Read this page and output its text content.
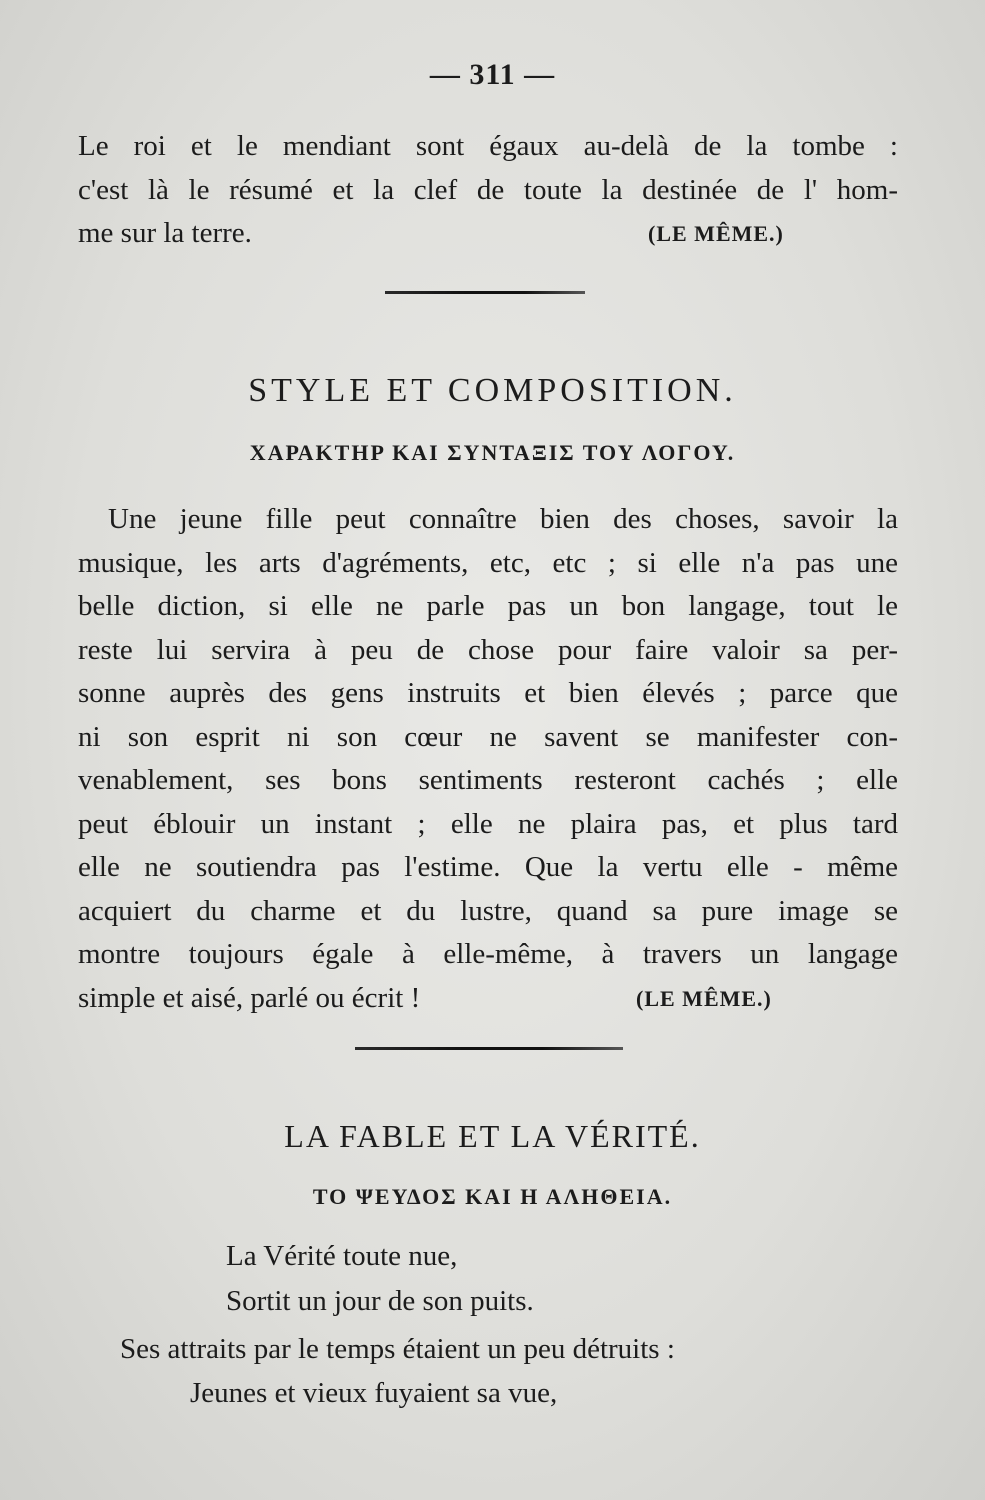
— 311 —
Le roi et le mendiant sont égaux au-delà de la tombe :
c'est là le résumé et la clef de toute la destinée de l' hom-
me sur la terre.	(LE MÊME.)
STYLE ET COMPOSITION.
ΧΑΡΑΚΤΗΡ ΚΑΙ ΣΥΝΤΑΞΙΣ ΤΟΥ ΛΟΓΟΥ.
Une jeune fille peut connaître bien des choses, savoir la
musique, les arts d'agréments, etc, etc ; si elle n'a pas une
belle diction, si elle ne parle pas un bon langage, tout le
reste lui servira à peu de chose pour faire valoir sa per-
sonne auprès des gens instruits et bien élevés ; parce que
ni son esprit ni son cœur ne savent se manifester con-
venablement, ses bons sentiments resteront cachés ; elle
peut éblouir un instant ; elle ne plaira pas, et plus tard
elle ne soutiendra pas l'estime. Que la vertu elle - même
acquiert du charme et du lustre, quand sa pure image se
montre toujours égale à elle-même, à travers un langage
simple et aisé, parlé ou écrit !	(LE MÊME.)
LA FABLE ET LA VÉRITÉ.
ΤΟ ΨΕΥΔΟΣ ΚΑΙ Η ΑΛΗΘΕΙΑ.
La Vérité toute nue,
Sortit un jour de son puits.
Ses attraits par le temps étaient un peu détruits :
Jeunes et vieux fuyaient sa vue,
